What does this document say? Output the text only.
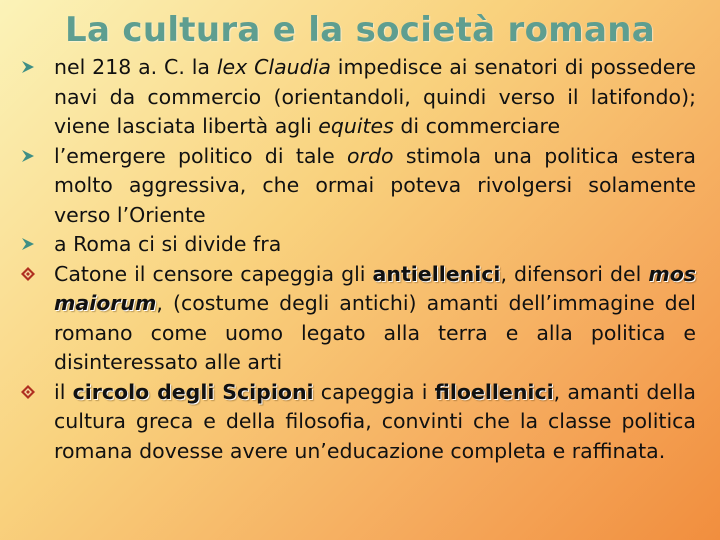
La cultura e la società romana
nel 218 a. C. la lex Claudia impedisce ai senatori di possedere navi da commercio (orientandoli, quindi verso il latifondo); viene lasciata libertà agli equites di commerciare
l’emergere politico di tale ordo stimola una politica estera molto aggressiva, che ormai poteva rivolgersi solamente verso l’Oriente
a Roma ci si divide fra
Catone il censore capeggia gli antiellenici, difensori del mos maiorum, (costume degli antichi) amanti dell’immagine del romano come uomo legato alla terra e alla politica e disinteressato alle arti
il circolo degli Scipioni capeggia i filoellenici, amanti della cultura greca e della filosofia, convinti che la classe politica romana dovesse avere un’educazione completa e raffinata.
